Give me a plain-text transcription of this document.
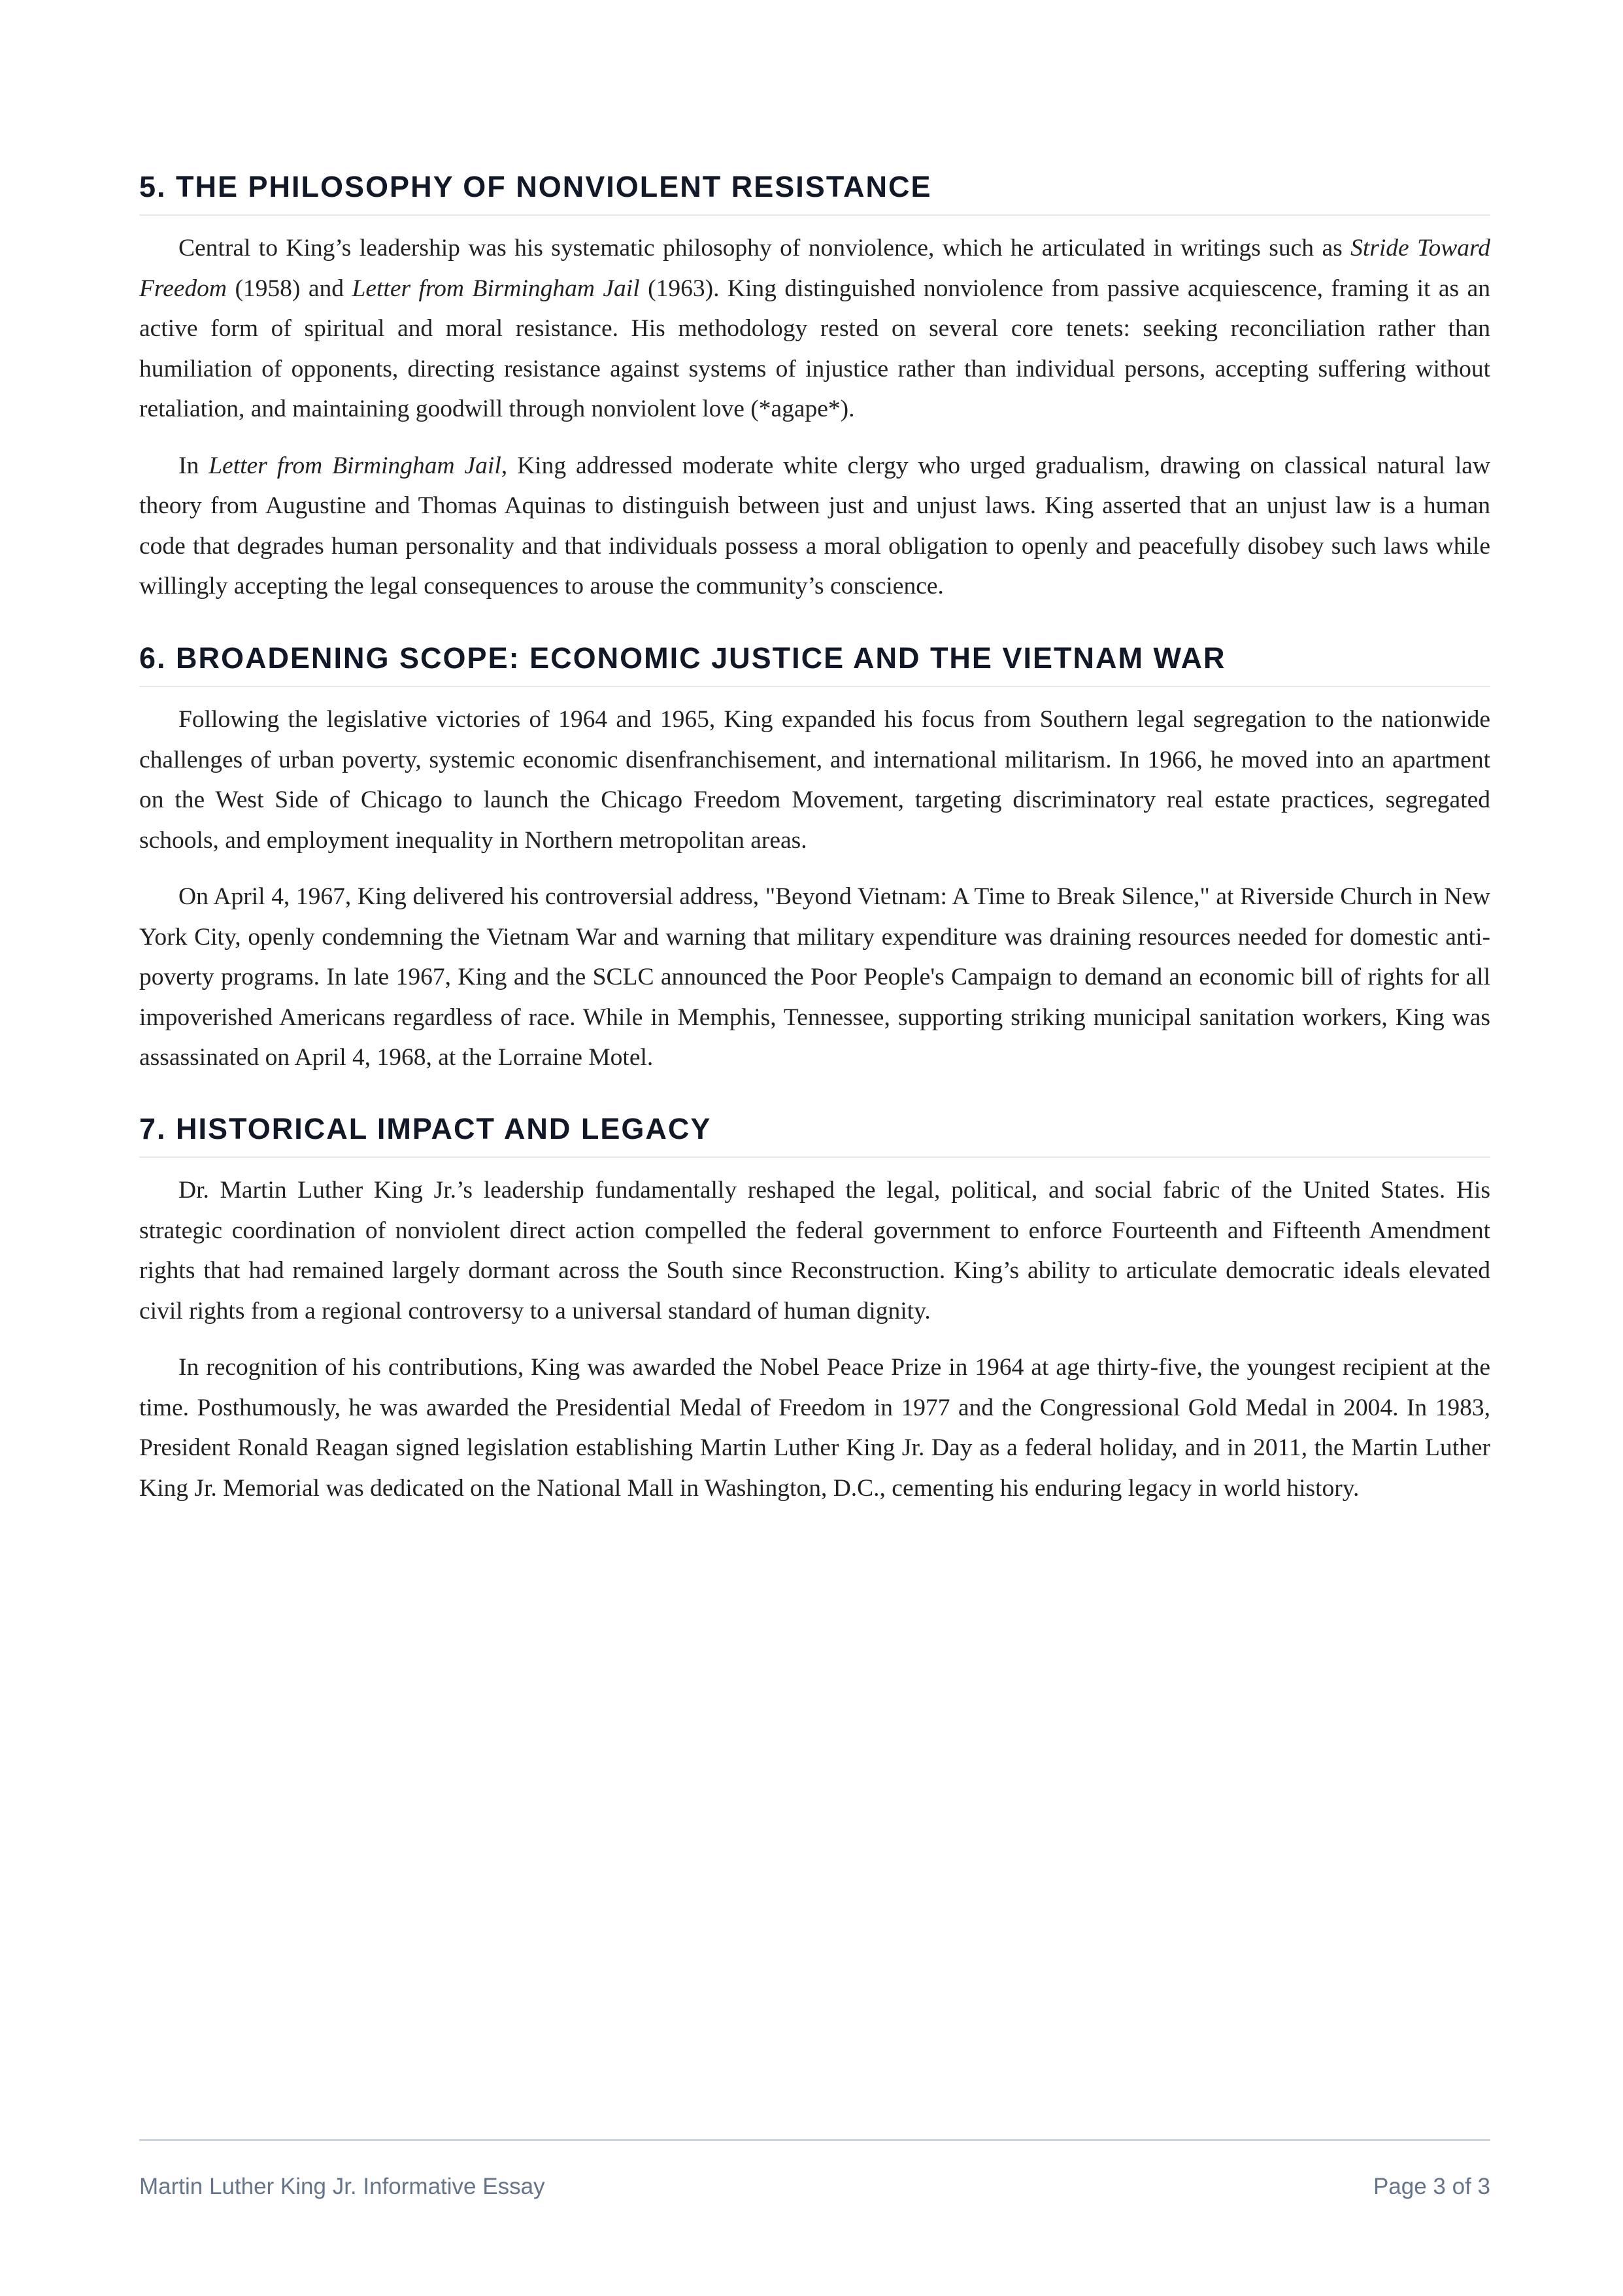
5. THE PHILOSOPHY OF NONVIOLENT RESISTANCE

Central to King’s leadership was his systematic philosophy of nonviolence, which he articulated in writings such as Stride Toward Freedom (1958) and Letter from Birmingham Jail (1963). King distinguished nonviolence from passive acquiescence, framing it as an active form of spiritual and moral resistance. His methodology rested on several core tenets: seeking reconciliation rather than humiliation of opponents, directing resistance against systems of injustice rather than individual persons, accepting suffering without retaliation, and maintaining goodwill through nonviolent love (*agape*).

In Letter from Birmingham Jail, King addressed moderate white clergy who urged gradualism, drawing on classical natural law theory from Augustine and Thomas Aquinas to distinguish between just and unjust laws. King asserted that an unjust law is a human code that degrades human personality and that individuals possess a moral obligation to openly and peacefully disobey such laws while willingly accepting the legal consequences to arouse the community’s conscience.

6. BROADENING SCOPE: ECONOMIC JUSTICE AND THE VIETNAM WAR

Following the legislative victories of 1964 and 1965, King expanded his focus from Southern legal segregation to the nationwide challenges of urban poverty, systemic economic disenfranchisement, and international militarism. In 1966, he moved into an apartment on the West Side of Chicago to launch the Chicago Freedom Movement, targeting discriminatory real estate practices, segregated schools, and employment inequality in Northern metropolitan areas.

On April 4, 1967, King delivered his controversial address, "Beyond Vietnam: A Time to Break Silence," at Riverside Church in New York City, openly condemning the Vietnam War and warning that military expenditure was draining resources needed for domestic anti-poverty programs. In late 1967, King and the SCLC announced the Poor People's Campaign to demand an economic bill of rights for all impoverished Americans regardless of race. While in Memphis, Tennessee, supporting striking municipal sanitation workers, King was assassinated on April 4, 1968, at the Lorraine Motel.

7. HISTORICAL IMPACT AND LEGACY

Dr. Martin Luther King Jr.’s leadership fundamentally reshaped the legal, political, and social fabric of the United States. His strategic coordination of nonviolent direct action compelled the federal government to enforce Fourteenth and Fifteenth Amendment rights that had remained largely dormant across the South since Reconstruction. King’s ability to articulate democratic ideals elevated civil rights from a regional controversy to a universal standard of human dignity.

In recognition of his contributions, King was awarded the Nobel Peace Prize in 1964 at age thirty-five, the youngest recipient at the time. Posthumously, he was awarded the Presidential Medal of Freedom in 1977 and the Congressional Gold Medal in 2004. In 1983, President Ronald Reagan signed legislation establishing Martin Luther King Jr. Day as a federal holiday, and in 2011, the Martin Luther King Jr. Memorial was dedicated on the National Mall in Washington, D.C., cementing his enduring legacy in world history.

Martin Luther King Jr. Informative Essay	Page 3 of 3
